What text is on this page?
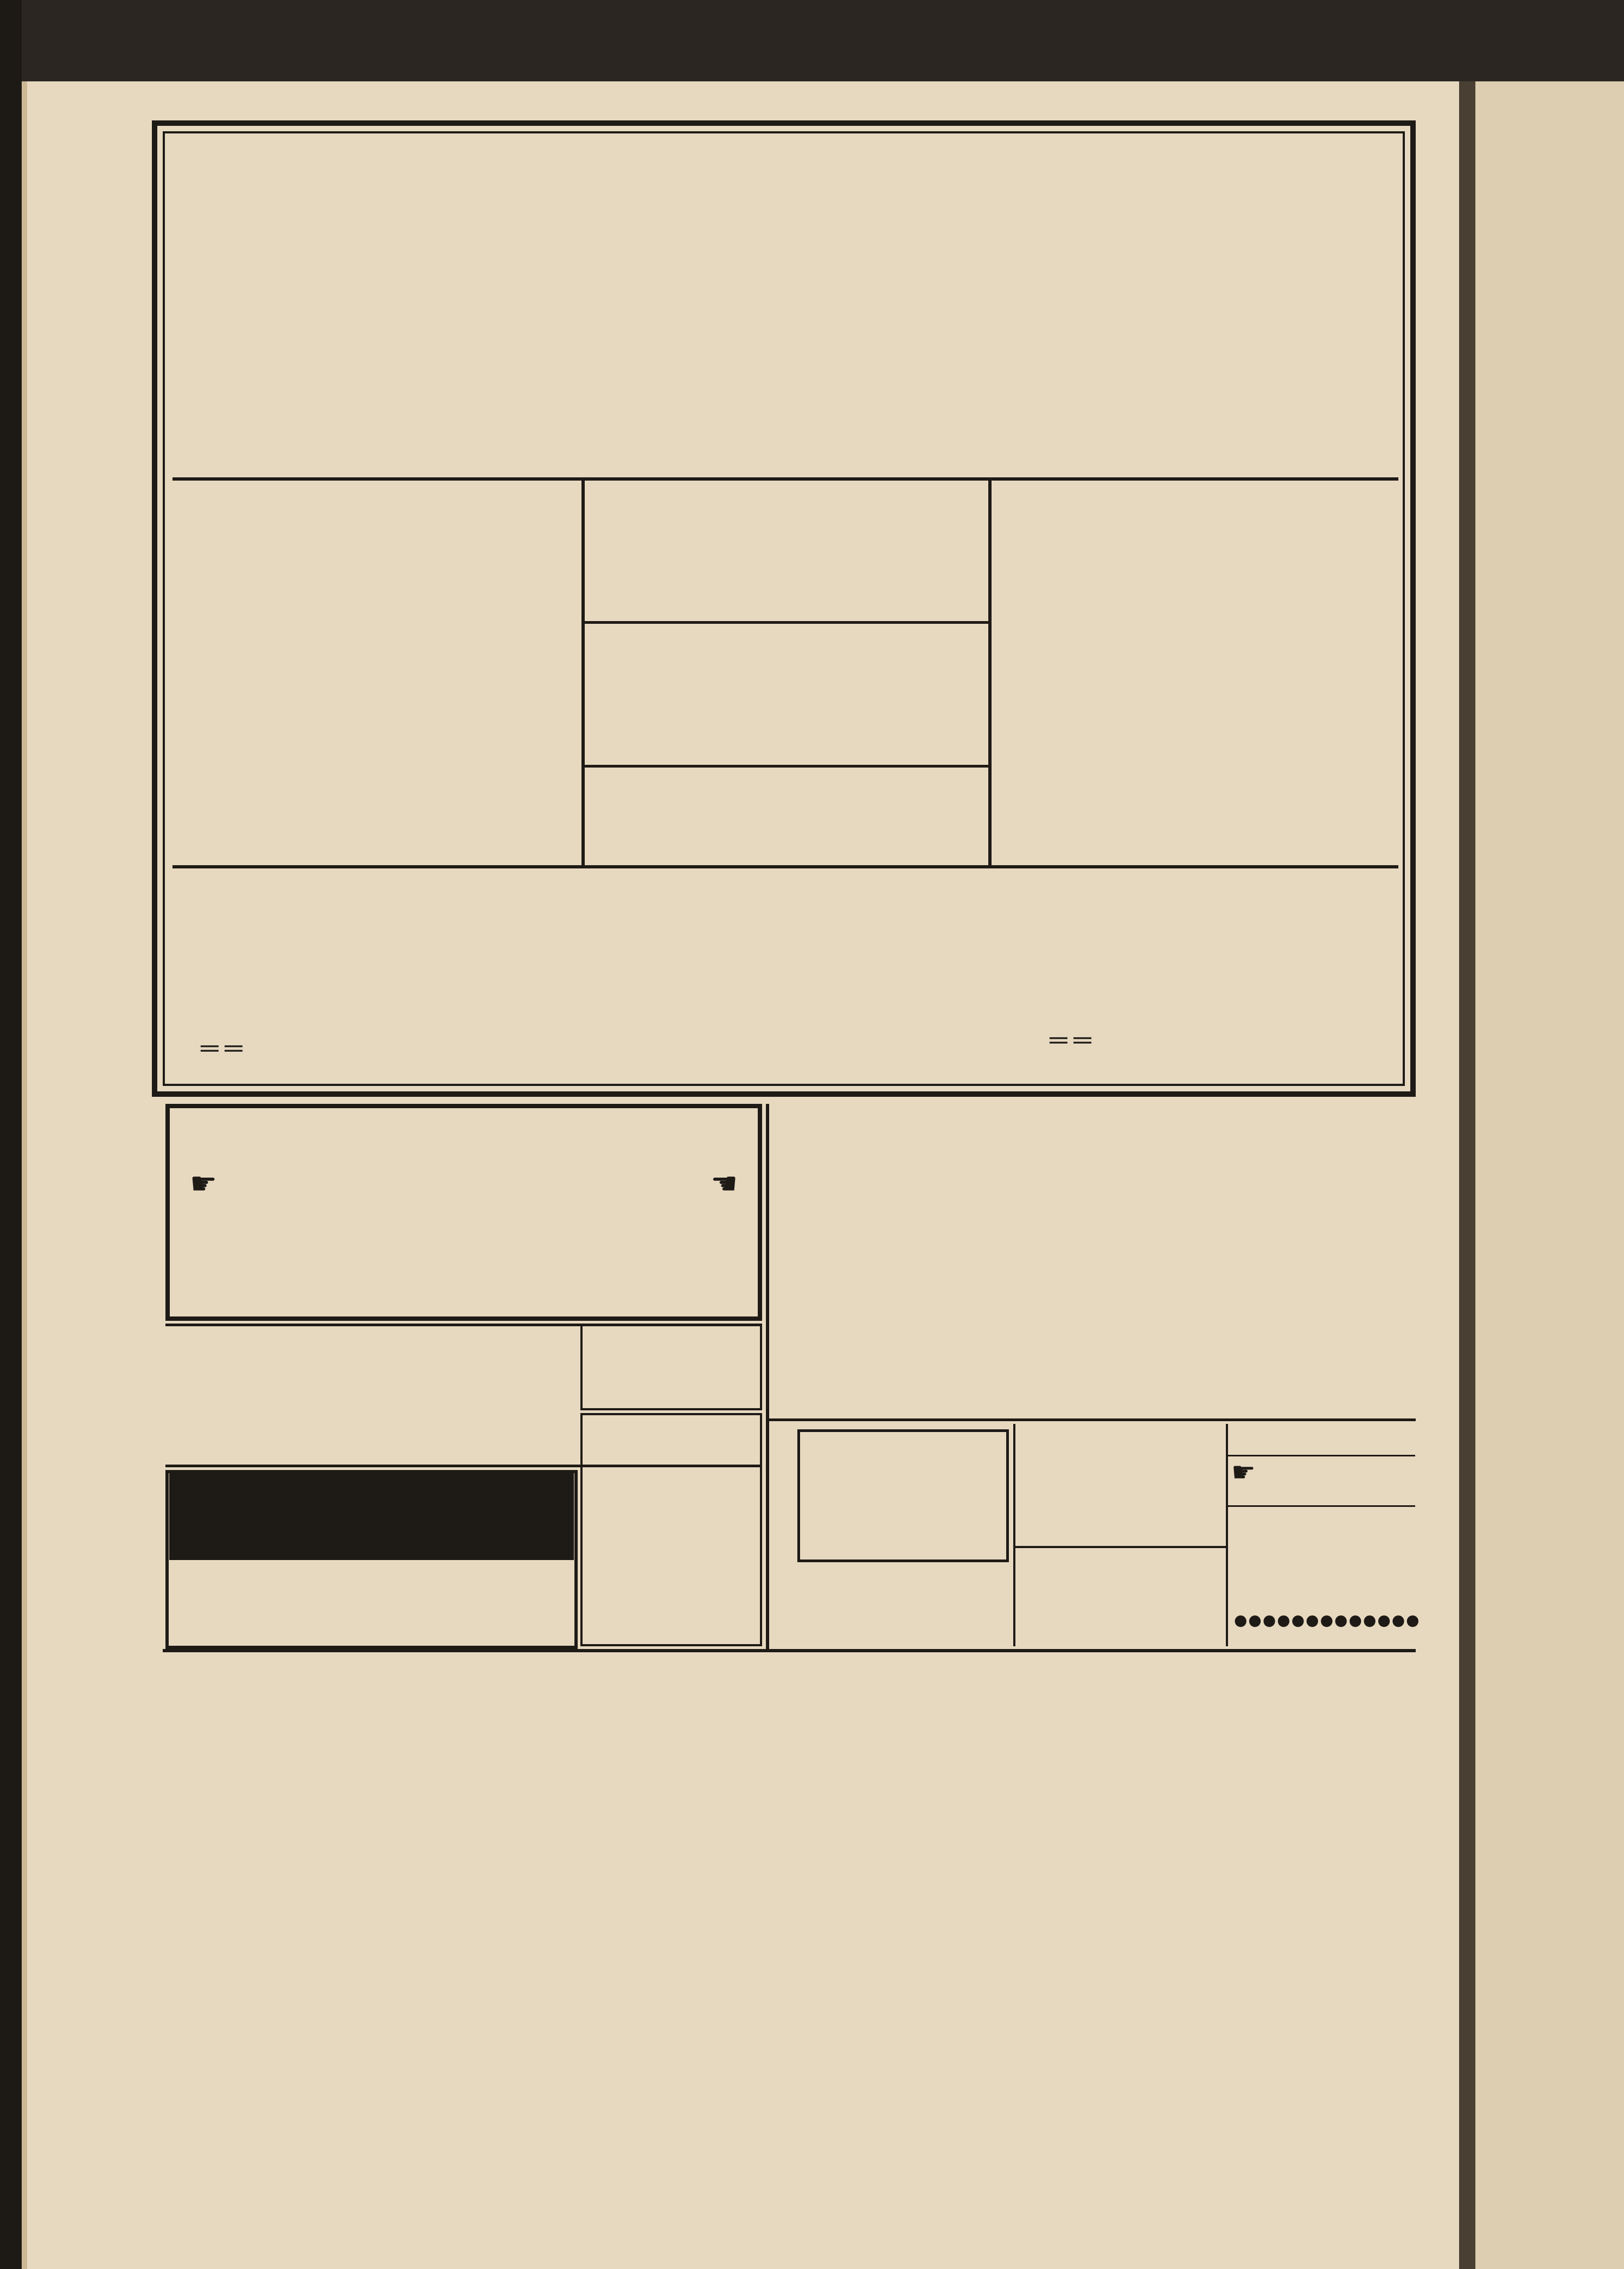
═ ═	═ ═
☛	☛
☛
●●●●●●●●●●●●●
